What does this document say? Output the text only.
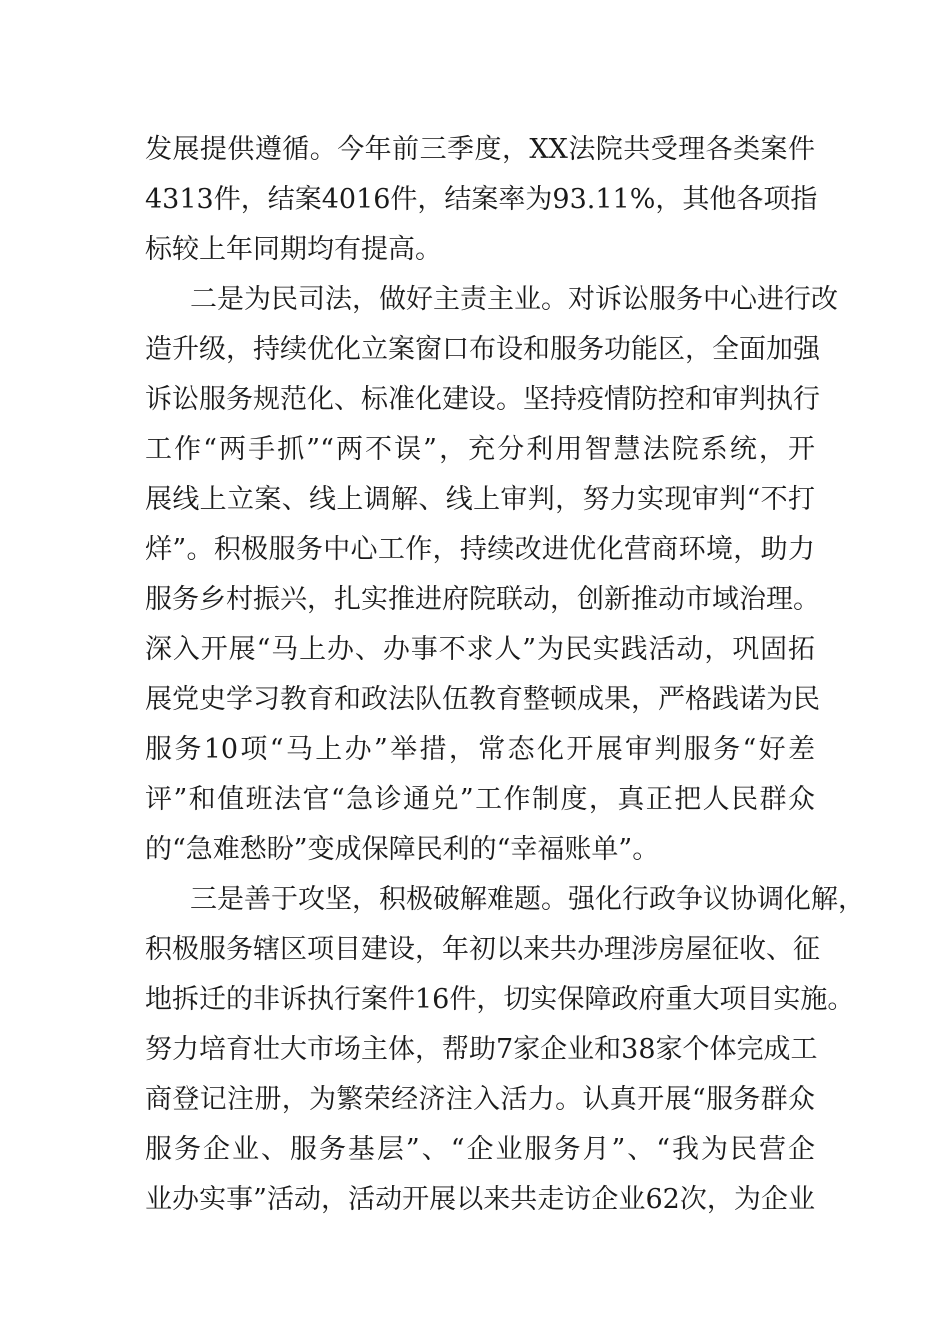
发展提供遵循。今年前三季度，XX法院共受理各类案件
4313件，结案4016件，结案率为93.11%，其他各项指
标较上年同期均有提高。
二是为民司法，做好主责主业。对诉讼服务中心进行改
造升级，持续优化立案窗口布设和服务功能区，全面加强
诉讼服务规范化、标准化建设。坚持疫情防控和审判执行
工作“两手抓”“两不误”，充分利用智慧法院系统，开
展线上立案、线上调解、线上审判，努力实现审判“不打
烊”。积极服务中心工作，持续改进优化营商环境，助力
服务乡村振兴，扎实推进府院联动，创新推动市域治理。
深入开展“马上办、办事不求人”为民实践活动，巩固拓
展党史学习教育和政法队伍教育整顿成果，严格践诺为民
服务10项“马上办”举措，常态化开展审判服务“好差
评”和值班法官“急诊通兑”工作制度，真正把人民群众
的“急难愁盼”变成保障民利的“幸福账单”。
三是善于攻坚，积极破解难题。强化行政争议协调化解，
积极服务辖区项目建设，年初以来共办理涉房屋征收、征
地拆迁的非诉执行案件16件，切实保障政府重大项目实施。
努力培育壮大市场主体，帮助7家企业和38家个体完成工
商登记注册，为繁荣经济注入活力。认真开展“服务群众
服务企业、服务基层”、“企业服务月”、“我为民营企
业办实事”活动，活动开展以来共走访企业62次，为企业
